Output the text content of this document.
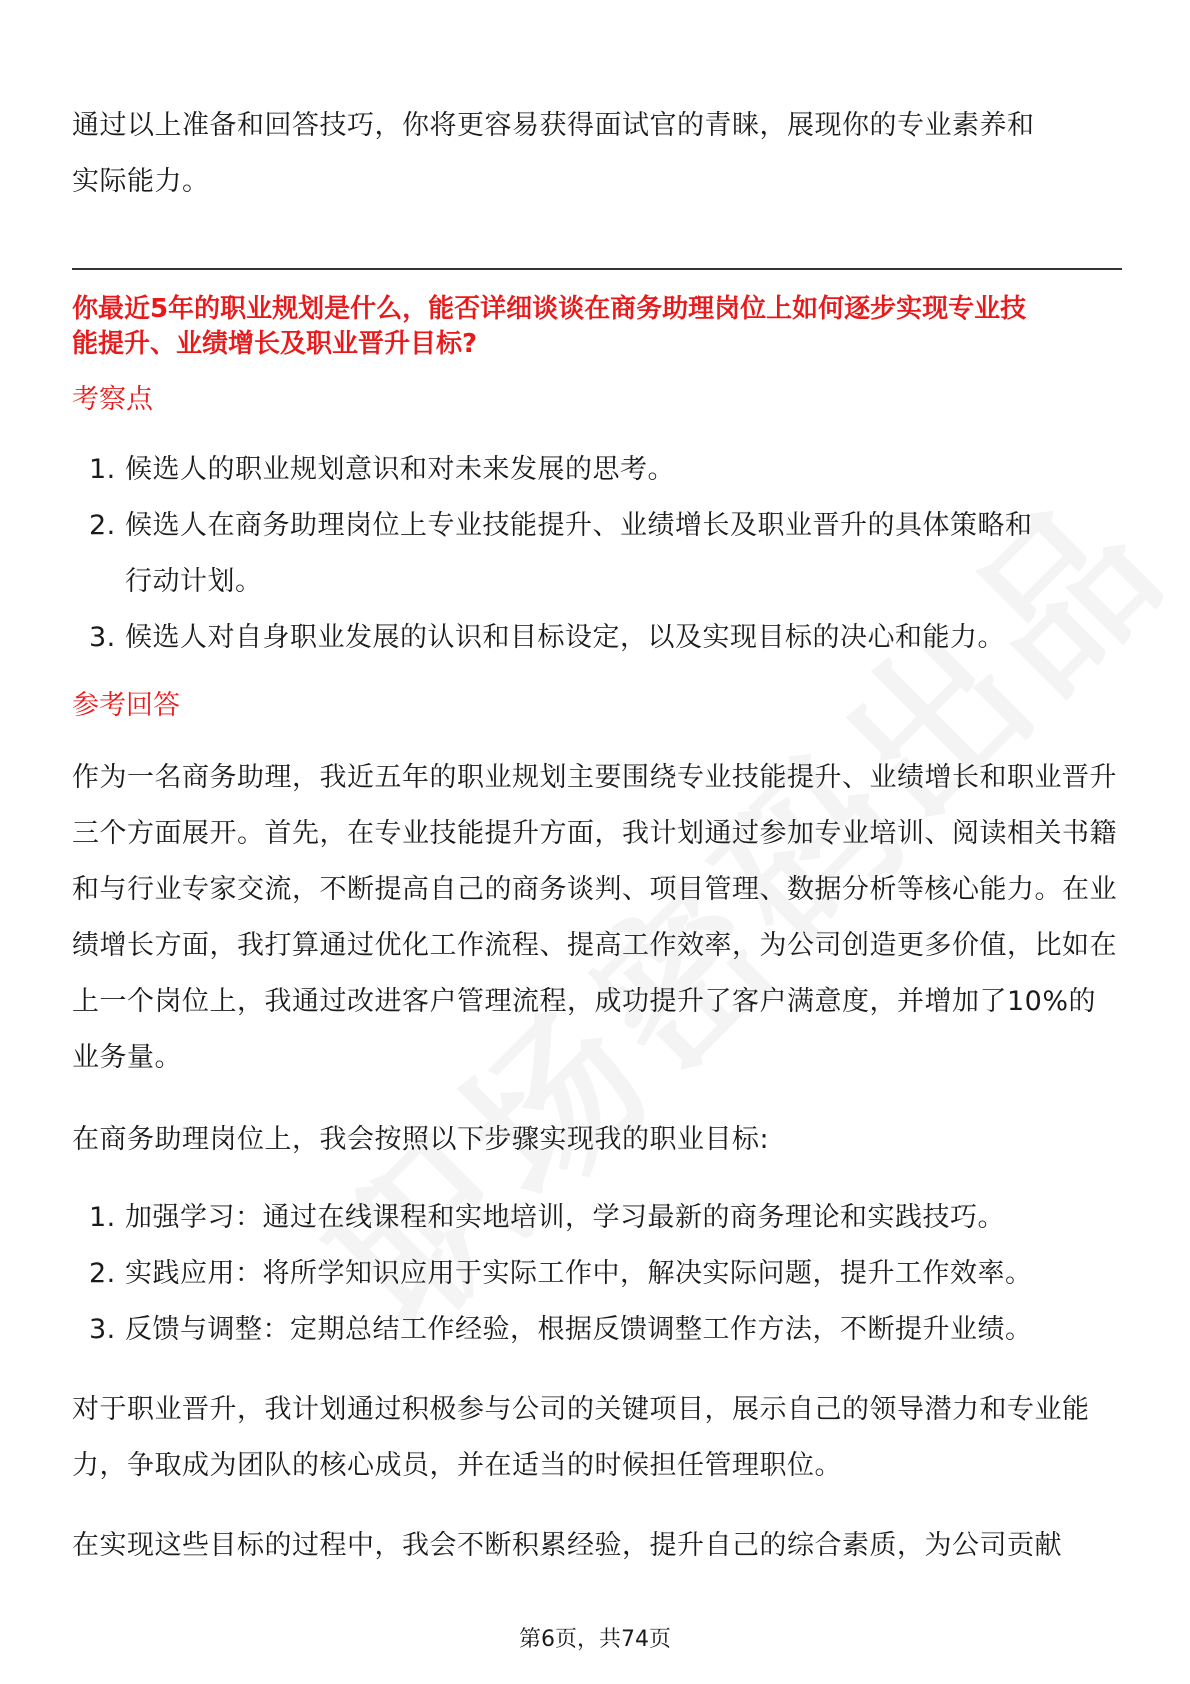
通过以上准备和回答技巧，你将更容易获得面试官的青睐，展现你的专业素养和实际能力。

你最近5年的职业规划是什么，能否详细谈谈在商务助理岗位上如何逐步实现专业技能提升、业绩增长及职业晋升目标?

考察点

1. 候选人的职业规划意识和对未来发展的思考。
2. 候选人在商务助理岗位上专业技能提升、业绩增长及职业晋升的具体策略和行动计划。
3. 候选人对自身职业发展的认识和目标设定，以及实现目标的决心和能力。

参考回答

作为一名商务助理，我近五年的职业规划主要围绕专业技能提升、业绩增长和职业晋升三个方面展开。首先，在专业技能提升方面，我计划通过参加专业培训、阅读相关书籍和与行业专家交流，不断提高自己的商务谈判、项目管理、数据分析等核心能力。在业绩增长方面，我打算通过优化工作流程、提高工作效率，为公司创造更多价值，比如在上一个岗位上，我通过改进客户管理流程，成功提升了客户满意度，并增加了10%的业务量。

在商务助理岗位上，我会按照以下步骤实现我的职业目标:

1. 加强学习：通过在线课程和实地培训，学习最新的商务理论和实践技巧。
2. 实践应用：将所学知识应用于实际工作中，解决实际问题，提升工作效率。
3. 反馈与调整：定期总结工作经验，根据反馈调整工作方法，不断提升业绩。

对于职业晋升，我计划通过积极参与公司的关键项目，展示自己的领导潜力和专业能力，争取成为团队的核心成员，并在适当的时候担任管理职位。

在实现这些目标的过程中，我会不断积累经验，提升自己的综合素质，为公司贡献

第6页，共74页
